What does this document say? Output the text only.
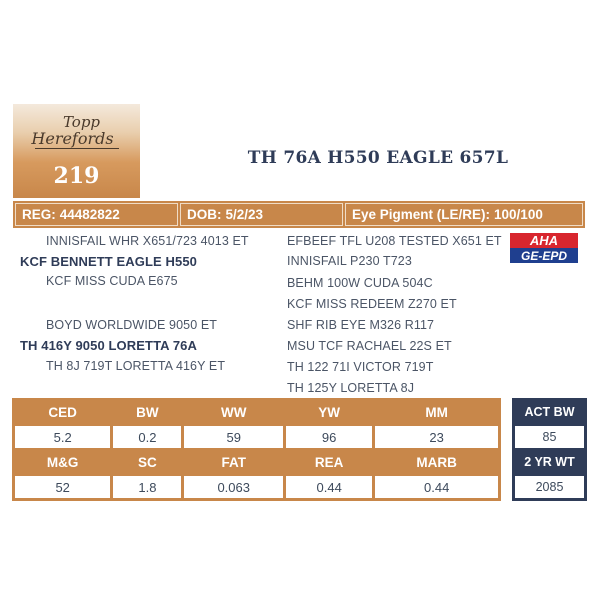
Topp
Herefords
219
TH 76A H550 EAGLE 657L
REG: 44482822	DOB: 5/2/23	Eye Pigment (LE/RE): 100/100
INNISFAIL WHR X651/723 4013 ET
KCF BENNETT EAGLE H550
KCF MISS CUDA E675
BOYD WORLDWIDE 9050 ET
TH 416Y 9050 LORETTA 76A
TH 8J 719T LORETTA 416Y ET
EFBEEF TFL U208 TESTED X651 ET
INNISFAIL P230 T723
BEHM 100W CUDA 504C
KCF MISS REDEEM Z270 ET
SHF RIB EYE M326 R117
MSU TCF RACHAEL 22S ET
TH 122 71I VICTOR 719T
TH 125Y LORETTA 8J
AHA
GE-EPD
CED	BW	WW	YW	MM
5.2	0.2	59	96	23
M&G	SC	FAT	REA	MARB
52	1.8	0.063	0.44	0.44
ACT BW
85
2 YR WT
2085
